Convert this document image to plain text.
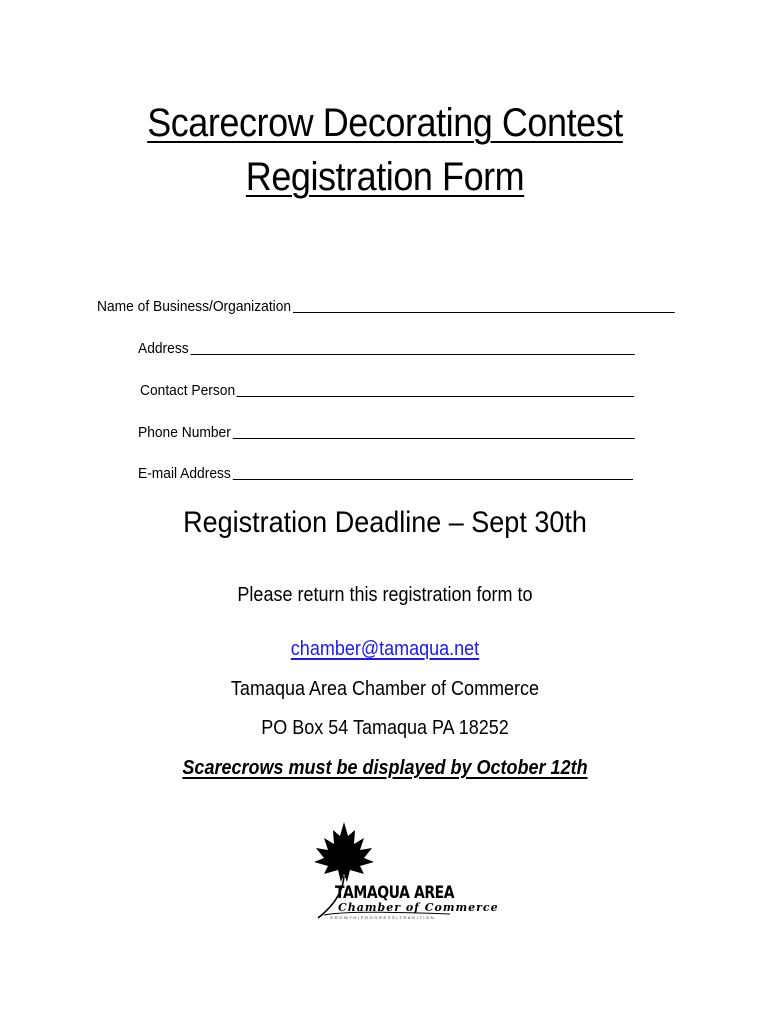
Scarecrow Decorating Contest
Registration Form
Name of Business/Organization
Address
Contact Person
Phone Number
E-mail Address
Registration Deadline – Sept 30th
Please return this registration form to
chamber@tamaqua.net
Tamaqua Area Chamber of Commerce
PO Box 54 Tamaqua PA 18252
Scarecrows must be displayed by October 12th
TAMAQUA AREA
Chamber of Commerce
GROWTH•PROGRESS•TRADITION
